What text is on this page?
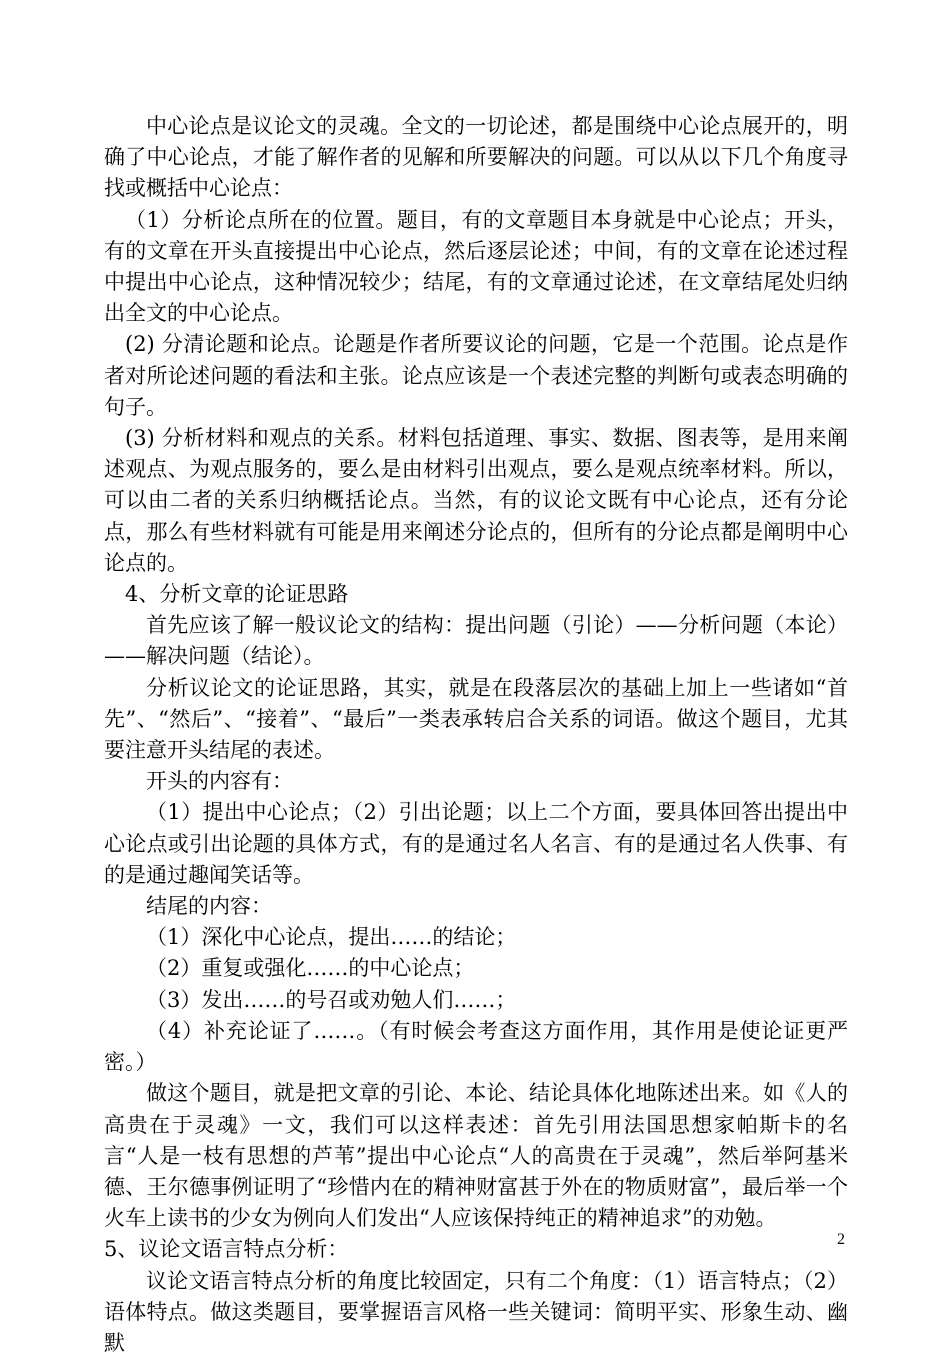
中心论点是议论文的灵魂。全文的一切论述，都是围绕中心论点展开的，明确了中心论点，才能了解作者的见解和所要解决的问题。可以从以下几个角度寻找或概括中心论点：

（1）分析论点所在的位置。题目，有的文章题目本身就是中心论点；开头，有的文章在开头直接提出中心论点，然后逐层论述；中间，有的文章在论述过程中提出中心论点，这种情况较少；结尾，有的文章通过论述，在文章结尾处归纳出全文的中心论点。

(2) 分清论题和论点。论题是作者所要议论的问题，它是一个范围。论点是作者对所论述问题的看法和主张。论点应该是一个表述完整的判断句或表态明确的句子。

(3) 分析材料和观点的关系。材料包括道理、事实、数据、图表等，是用来阐述观点、为观点服务的，要么是由材料引出观点，要么是观点统率材料。所以，可以由二者的关系归纳概括论点。当然，有的议论文既有中心论点，还有分论点，那么有些材料就有可能是用来阐述分论点的，但所有的分论点都是阐明中心论点的。

4、分析文章的论证思路

首先应该了解一般议论文的结构：提出问题（引论）——分析问题（本论）——解决问题（结论）。

分析议论文的论证思路，其实，就是在段落层次的基础上加上一些诸如“首先”、“然后”、“接着”、“最后”一类表承转启合关系的词语。做这个题目，尤其要注意开头结尾的表述。

开头的内容有：

（1）提出中心论点；（2）引出论题；以上二个方面，要具体回答出提出中心论点或引出论题的具体方式，有的是通过名人名言、有的是通过名人佚事、有的是通过趣闻笑话等。

结尾的内容：

（1）深化中心论点，提出……的结论；

（2）重复或强化……的中心论点；

（3）发出……的号召或劝勉人们……；

（4）补充论证了……。（有时候会考查这方面作用，其作用是使论证更严密。）

做这个题目，就是把文章的引论、本论、结论具体化地陈述出来。如《人的高贵在于灵魂》一文，我们可以这样表述：首先引用法国思想家帕斯卡的名言“人是一枝有思想的芦苇”提出中心论点“人的高贵在于灵魂”，然后举阿基米德、王尔德事例证明了“珍惜内在的精神财富甚于外在的物质财富”，最后举一个火车上读书的少女为例向人们发出“人应该保持纯正的精神追求”的劝勉。

5、议论文语言特点分析：

议论文语言特点分析的角度比较固定，只有二个角度：（1）语言特点；（2）语体特点。做这类题目，要掌握语言风格一些关键词：简明平实、形象生动、幽默

2
